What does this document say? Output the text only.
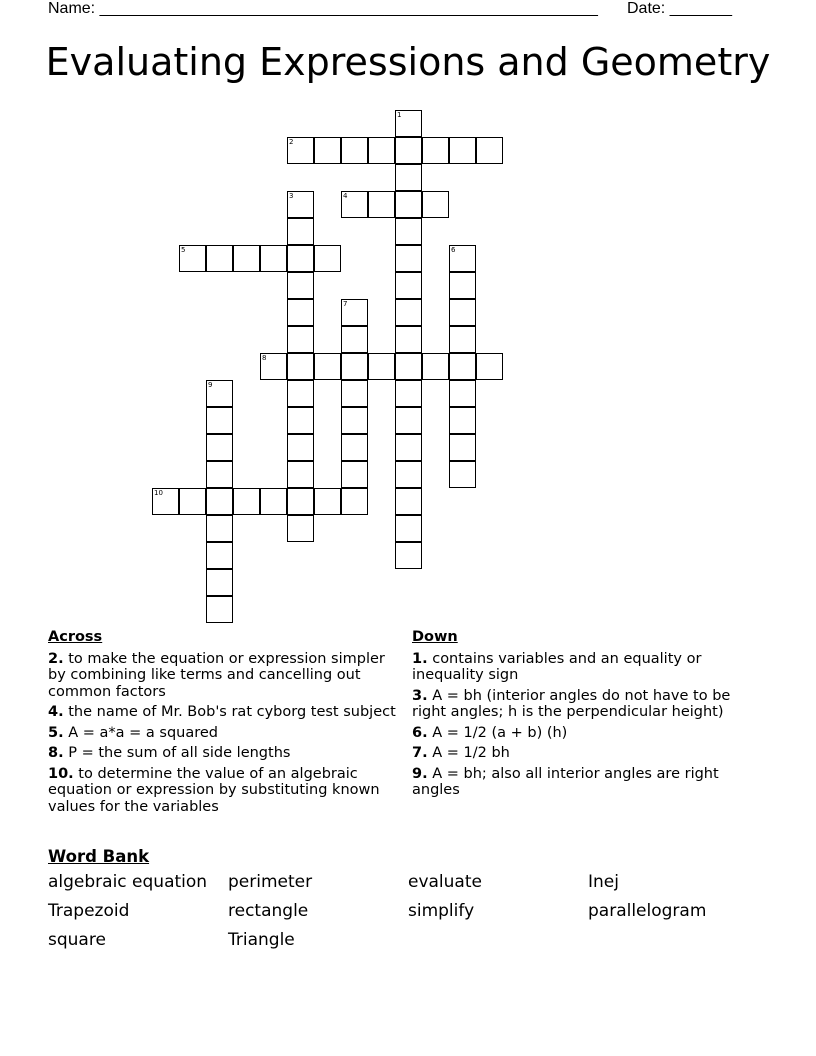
Name: ________________________________________________________ Date: _______
Evaluating Expressions and Geometry
1
2
3	4
5	6
7
8
9
10
Across
2. to make the equation or expression simpler by combining like terms and cancelling out common factors
4. the name of Mr. Bob's rat cyborg test subject
5. A = a*a = a squared
8. P = the sum of all side lengths
10. to determine the value of an algebraic equation or expression by substituting known values for the variables
Down
1. contains variables and an equality or inequality sign
3. A = bh (interior angles do not have to be right angles; h is the perpendicular height)
6. A = 1/2 (a + b) (h)
7. A = 1/2 bh
9. A = bh; also all interior angles are right angles
Word Bank
algebraic equation	perimeter	evaluate	Inej
Trapezoid	rectangle	simplify	parallelogram
square	Triangle
